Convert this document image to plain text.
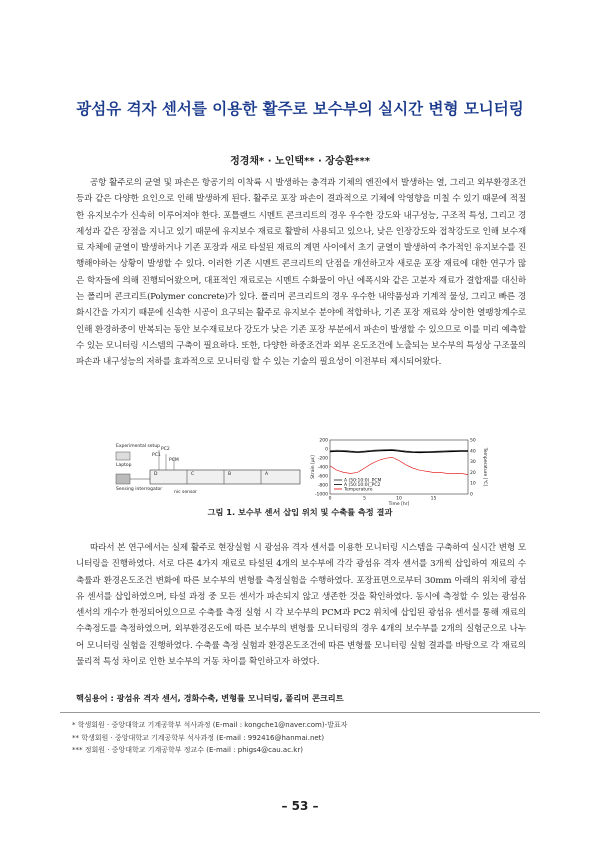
광섬유 격자 센서를 이용한 활주로 보수부의 실시간 변형 모니터링
정경채* · 노인택** · 장승환***

공항 활주로의 균열 및 파손은 항공기의 이착륙 시 발생하는 충격과 기체의 엔진에서 발생하는 열, 그리고 외부환경조건 등과 같은 다양한 요인으로 인해 발생하게 된다. 활주로 포장 파손이 결과적으로 기체에 악영향을 미칠 수 있기 때문에 적절한 유지보수가 신속히 이루어져야 한다. 포틀랜드 시멘트 콘크리트의 경우 우수한 강도와 내구성능, 구조적 특성, 그리고 경제성과 같은 장점을 지니고 있기 때문에 유지보수 재료로 활발히 사용되고 있으나, 낮은 인장강도와 접착강도로 인해 보수재료 자체에 균열이 발생하거나 기존 포장과 새로 타설된 재료의 계면 사이에서 초기 균열이 발생하여 추가적인 유지보수를 진행해야하는 상황이 발생할 수 있다. 이러한 기존 시멘트 콘크리트의 단점을 개선하고자 새로운 포장 재료에 대한 연구가 많은 학자들에 의해 진행되어왔으며, 대표적인 재료로는 시멘트 수화물이 아닌 에폭시와 같은 고분자 재료가 결합재를 대신하는 폴리머 콘크리트(Polymer concrete)가 있다. 폴리머 콘크리트의 경우 우수한 내약품성과 기계적 물성, 그리고 빠른 경화시간을 가지기 때문에 신속한 시공이 요구되는 활주로 유지보수 분야에 적합하나, 기존 포장 재료와 상이한 열팽창계수로 인해 환경하중이 반복되는 동안 보수재료보다 강도가 낮은 기존 포장 부분에서 파손이 발생할 수 있으므로 이를 미리 예측할 수 있는 모니터링 시스템의 구축이 필요하다. 또한, 다양한 하중조건과 외부 온도조건에 노출되는 보수부의 특성상 구조물의 파손과 내구성능의 저하를 효과적으로 모니터링 할 수 있는 기술의 필요성이 이전부터 제시되어왔다.

Experimental setup
Laptop
Sensing interrogator
D	C	B	A
PC2
PC1
PCM
nic sensor
200
0
-200
-400
-600
-800
-1000
50
40
30
20
10
0
0	5	10	15
Time [hr]
Strain [με]	Temperature [℃]
A (50:10:0)_PCM
A (50:10:0)_PC2
Temperature
그림 1. 보수부 센서 삽입 위치 및 수축률 측정 결과

따라서 본 연구에서는 실제 활주로 현장실험 시 광섬유 격자 센서를 이용한 모니터링 시스템을 구축하여 실시간 변형 모니터링을 진행하였다. 서로 다른 4가지 재료로 타설된 4개의 보수부에 각각 광섬유 격자 센서를 3개씩 삽입하여 재료의 수축률과 환경온도조건 변화에 따른 보수부의 변형률 측정실험을 수행하였다. 포장표면으로부터 30mm 아래의 위치에 광섬유 센서를 삽입하였으며, 타설 과정 중 모든 센서가 파손되지 않고 생존한 것을 확인하였다. 동시에 측정할 수 있는 광섬유 센서의 개수가 한정되어있으므로 수축률 측정 실험 시 각 보수부의 PCM과 PC2 위치에 삽입된 광섬유 센서를 통해 재료의 수축정도를 측정하였으며, 외부환경온도에 따른 보수부의 변형률 모니터링의 경우 4개의 보수부를 2개의 실험군으로 나누어 모니터링 실험을 진행하였다. 수축률 측정 실험과 환경온도조건에 따른 변형률 모니터링 실험 결과를 바탕으로 각 재료의 물리적 특성 차이로 인한 보수부의 거동 차이를 확인하고자 하였다.

핵심용어 : 광섬유 격자 센서, 경화수축, 변형률 모니터링, 폴리머 콘크리트
* 학생회원 · 중앙대학교 기계공학부 석사과정 (E-mail : kongche1@naver.com)-발표자
** 학생회원 · 중앙대학교 기계공학부 석사과정 (E-mail : 992416@hanmai.net)
*** 정회원 · 중앙대학교 기계공학부 정교수 (E-mail : phigs4@cau.ac.kr)
– 53 –
